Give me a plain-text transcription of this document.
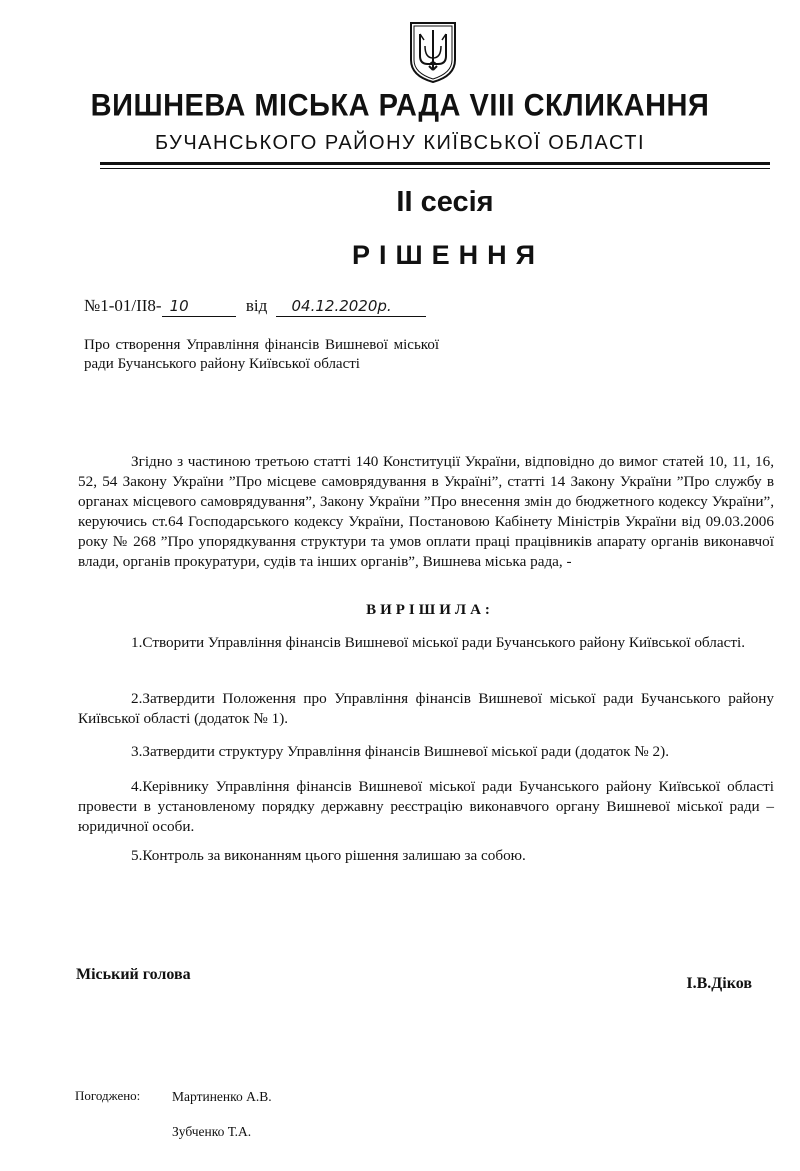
ВИШНЕВА МІСЬКА РАДА VIII СКЛИКАННЯ
БУЧАНСЬКОГО РАЙОНУ КИЇВСЬКОЇ ОБЛАСТІ
ІІ сесія
РІШЕННЯ
№1-01/ІІ8- 10	від 04.12.2020р.
Про створення Управління фінансів Вишневої міської ради Бучанського району Київської області

Згідно з частиною третьою статті 140 Конституції України, відповідно до вимог статей 10, 11, 16, 52, 54 Закону України ”Про місцеве самоврядування в Україні”, статті 14 Закону України ”Про службу в органах місцевого самоврядування”, Закону України ”Про внесення змін до бюджетного кодексу України”, керуючись ст.64 Господарського кодексу України, Постановою Кабінету Міністрів України від 09.03.2006 року № 268 ”Про упорядкування структури та умов оплати праці працівників апарату органів виконавчої влади, органів прокуратури, судів та інших органів”, Вишнева міська рада, -

ВИРІШИЛА:

1.Створити Управління фінансів Вишневої міської ради Бучанського району Київської області.

2.Затвердити Положення про Управління фінансів Вишневої міської ради Бучанського району Київської області (додаток № 1).

3.Затвердити структуру Управління фінансів Вишневої міської ради (додаток № 2).

4.Керівнику Управління фінансів Вишневої міської ради Бучанського району Київської області провести в установленому порядку державну реєстрацію виконавчого органу Вишневої міської ради – юридичної особи.

5.Контроль за виконанням цього рішення залишаю за собою.

Міський голова
І.В.Діков
Погоджено: Мартиненко А.В.
Зубченко Т.А.
